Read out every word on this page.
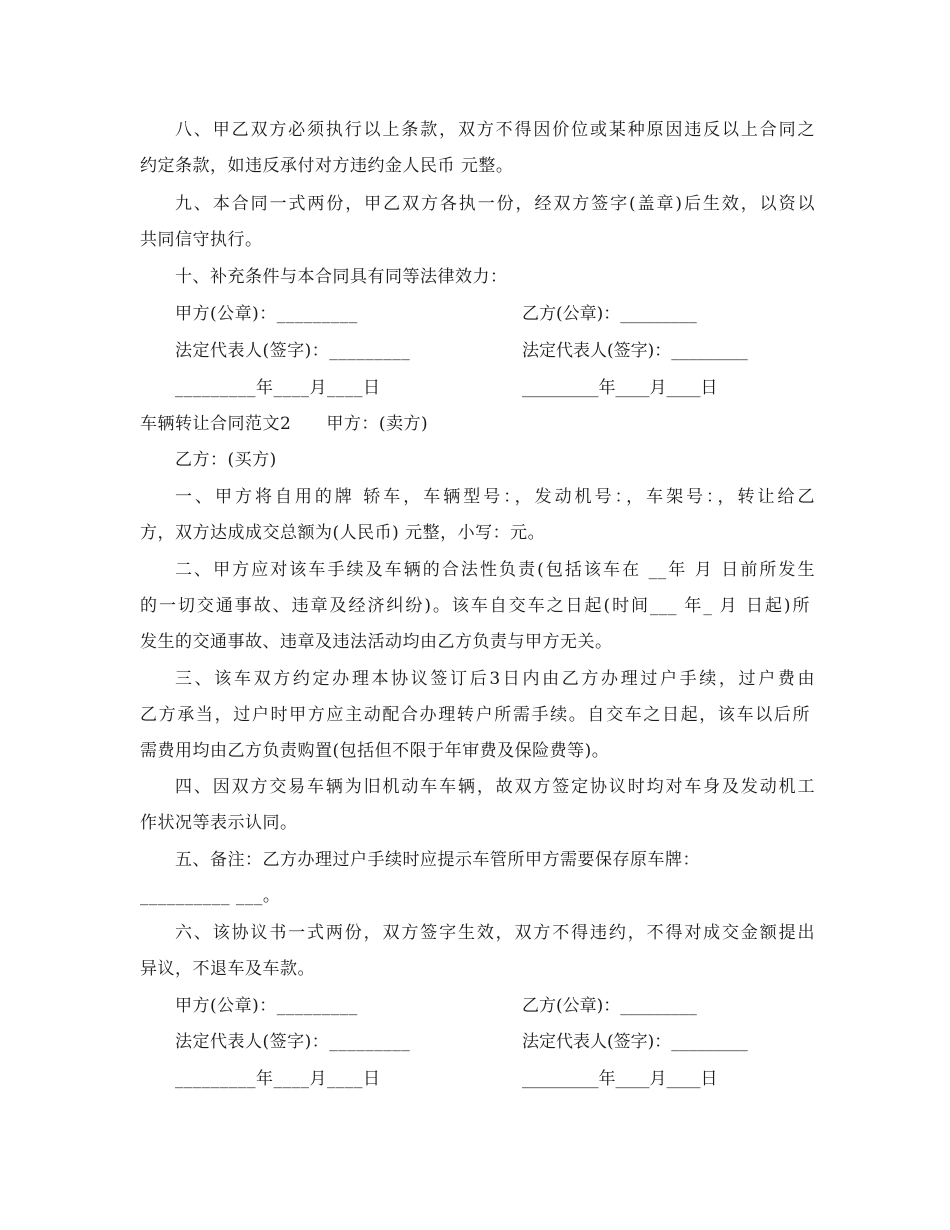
八、甲乙双方必须执行以上条款，双方不得因价位或某种原因违反以上合同之
约定条款，如违反承付对方违约金人民币 元整。
九、本合同一式两份，甲乙双方各执一份，经双方签字(盖章)后生效，以资以
共同信守执行。
十、补充条件与本合同具有同等法律效力：
甲方(公章)：_________	乙方(公章)：_________
法定代表人(签字)：_________	法定代表人(签字)：_________
_________年____月____日	_________年____月____日
车辆转让合同范文2　　甲方：(卖方)
乙方：(买方)
一、甲方将自用的牌 轿车，车辆型号：，发动机号：，车架号：，转让给乙
方，双方达成成交总额为(人民币) 元整，小写：元。
二、甲方应对该车手续及车辆的合法性负责(包括该车在 __年 月 日前所发生
的一切交通事故、违章及经济纠纷)。该车自交车之日起(时间___ 年_ 月 日起)所
发生的交通事故、违章及违法活动均由乙方负责与甲方无关。
三、该车双方约定办理本协议签订后3日内由乙方办理过户手续，过户费由
乙方承当，过户时甲方应主动配合办理转户所需手续。自交车之日起，该车以后所
需费用均由乙方负责购置(包括但不限于年审费及保险费等)。
四、因双方交易车辆为旧机动车车辆，故双方签定协议时均对车身及发动机工
作状况等表示认同。
五、备注：乙方办理过户手续时应提示车管所甲方需要保存原车牌：
__________ ___。
六、该协议书一式两份，双方签字生效，双方不得违约，不得对成交金额提出
异议，不退车及车款。
甲方(公章)：_________	乙方(公章)：_________
法定代表人(签字)：_________	法定代表人(签字)：_________
_________年____月____日	_________年____月____日
